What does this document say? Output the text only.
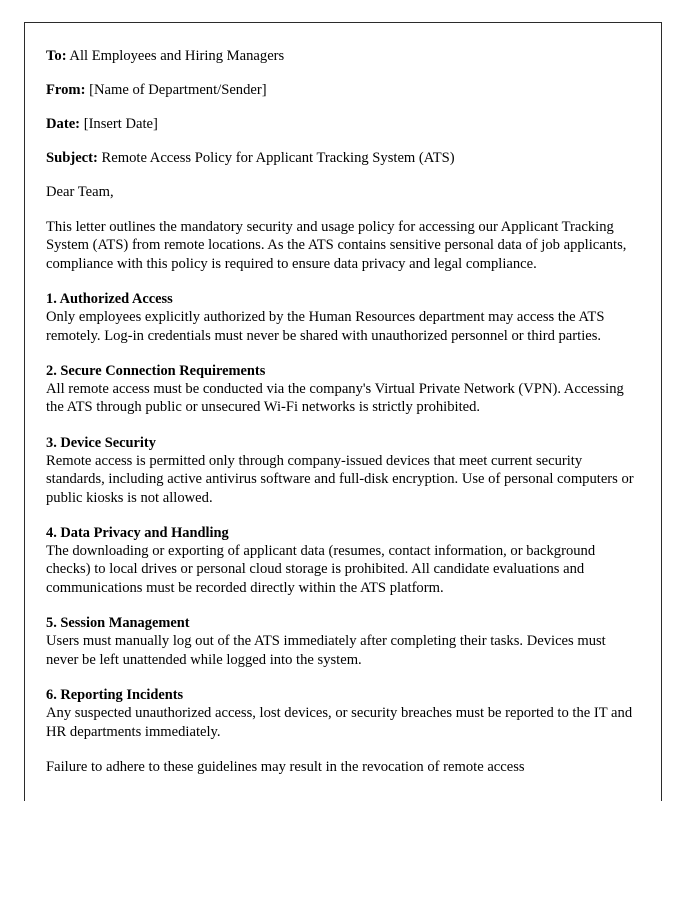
To: All Employees and Hiring Managers

From: [Name of Department/Sender]

Date: [Insert Date]

Subject: Remote Access Policy for Applicant Tracking System (ATS)

Dear Team,

This letter outlines the mandatory security and usage policy for accessing our Applicant Tracking System (ATS) from remote locations. As the ATS contains sensitive personal data of job applicants, compliance with this policy is required to ensure data privacy and legal compliance.

1. Authorized Access

Only employees explicitly authorized by the Human Resources department may access the ATS remotely. Log-in credentials must never be shared with unauthorized personnel or third parties.

2. Secure Connection Requirements

All remote access must be conducted via the company's Virtual Private Network (VPN). Accessing the ATS through public or unsecured Wi-Fi networks is strictly prohibited.

3. Device Security

Remote access is permitted only through company-issued devices that meet current security standards, including active antivirus software and full-disk encryption. Use of personal computers or public kiosks is not allowed.

4. Data Privacy and Handling

The downloading or exporting of applicant data (resumes, contact information, or background checks) to local drives or personal cloud storage is prohibited. All candidate evaluations and communications must be recorded directly within the ATS platform.

5. Session Management

Users must manually log out of the ATS immediately after completing their tasks. Devices must never be left unattended while logged into the system.

6. Reporting Incidents

Any suspected unauthorized access, lost devices, or security breaches must be reported to the IT and HR departments immediately.

Failure to adhere to these guidelines may result in the revocation of remote access
